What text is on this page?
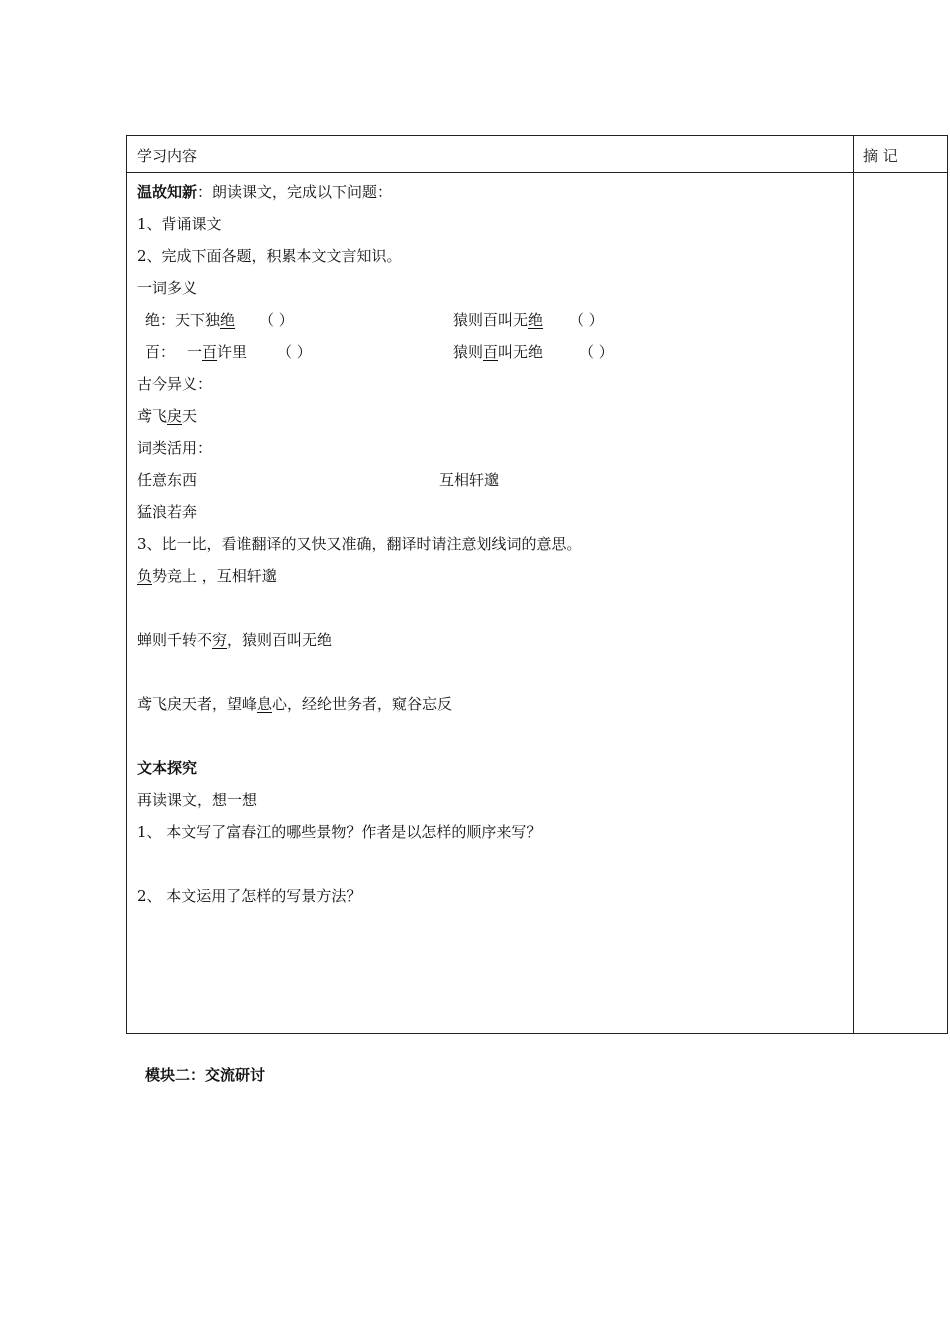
学习内容	摘 记
温故知新：朗读课文，完成以下问题：
1、背诵课文
2、完成下面各题，积累本文文言知识。
一词多义
绝：天下独绝 （ ）	猿则百叫无绝 （ ）
百： 一百许里 （ ）	猿则百叫无绝 （ ）
古今异义：
鸢飞戾天
词类活用：
任意东西	互相轩邈
猛浪若奔
3、比一比，看谁翻译的又快又准确，翻译时请注意划线词的意思。
负势竞上 ，互相轩邈
蝉则千转不穷，猿则百叫无绝
鸢飞戾天者，望峰息心，经纶世务者，窥谷忘反
文本探究
再读课文，想一想
1、 本文写了富春江的哪些景物？作者是以怎样的顺序来写？
2、 本文运用了怎样的写景方法？
模块二：交流研讨
